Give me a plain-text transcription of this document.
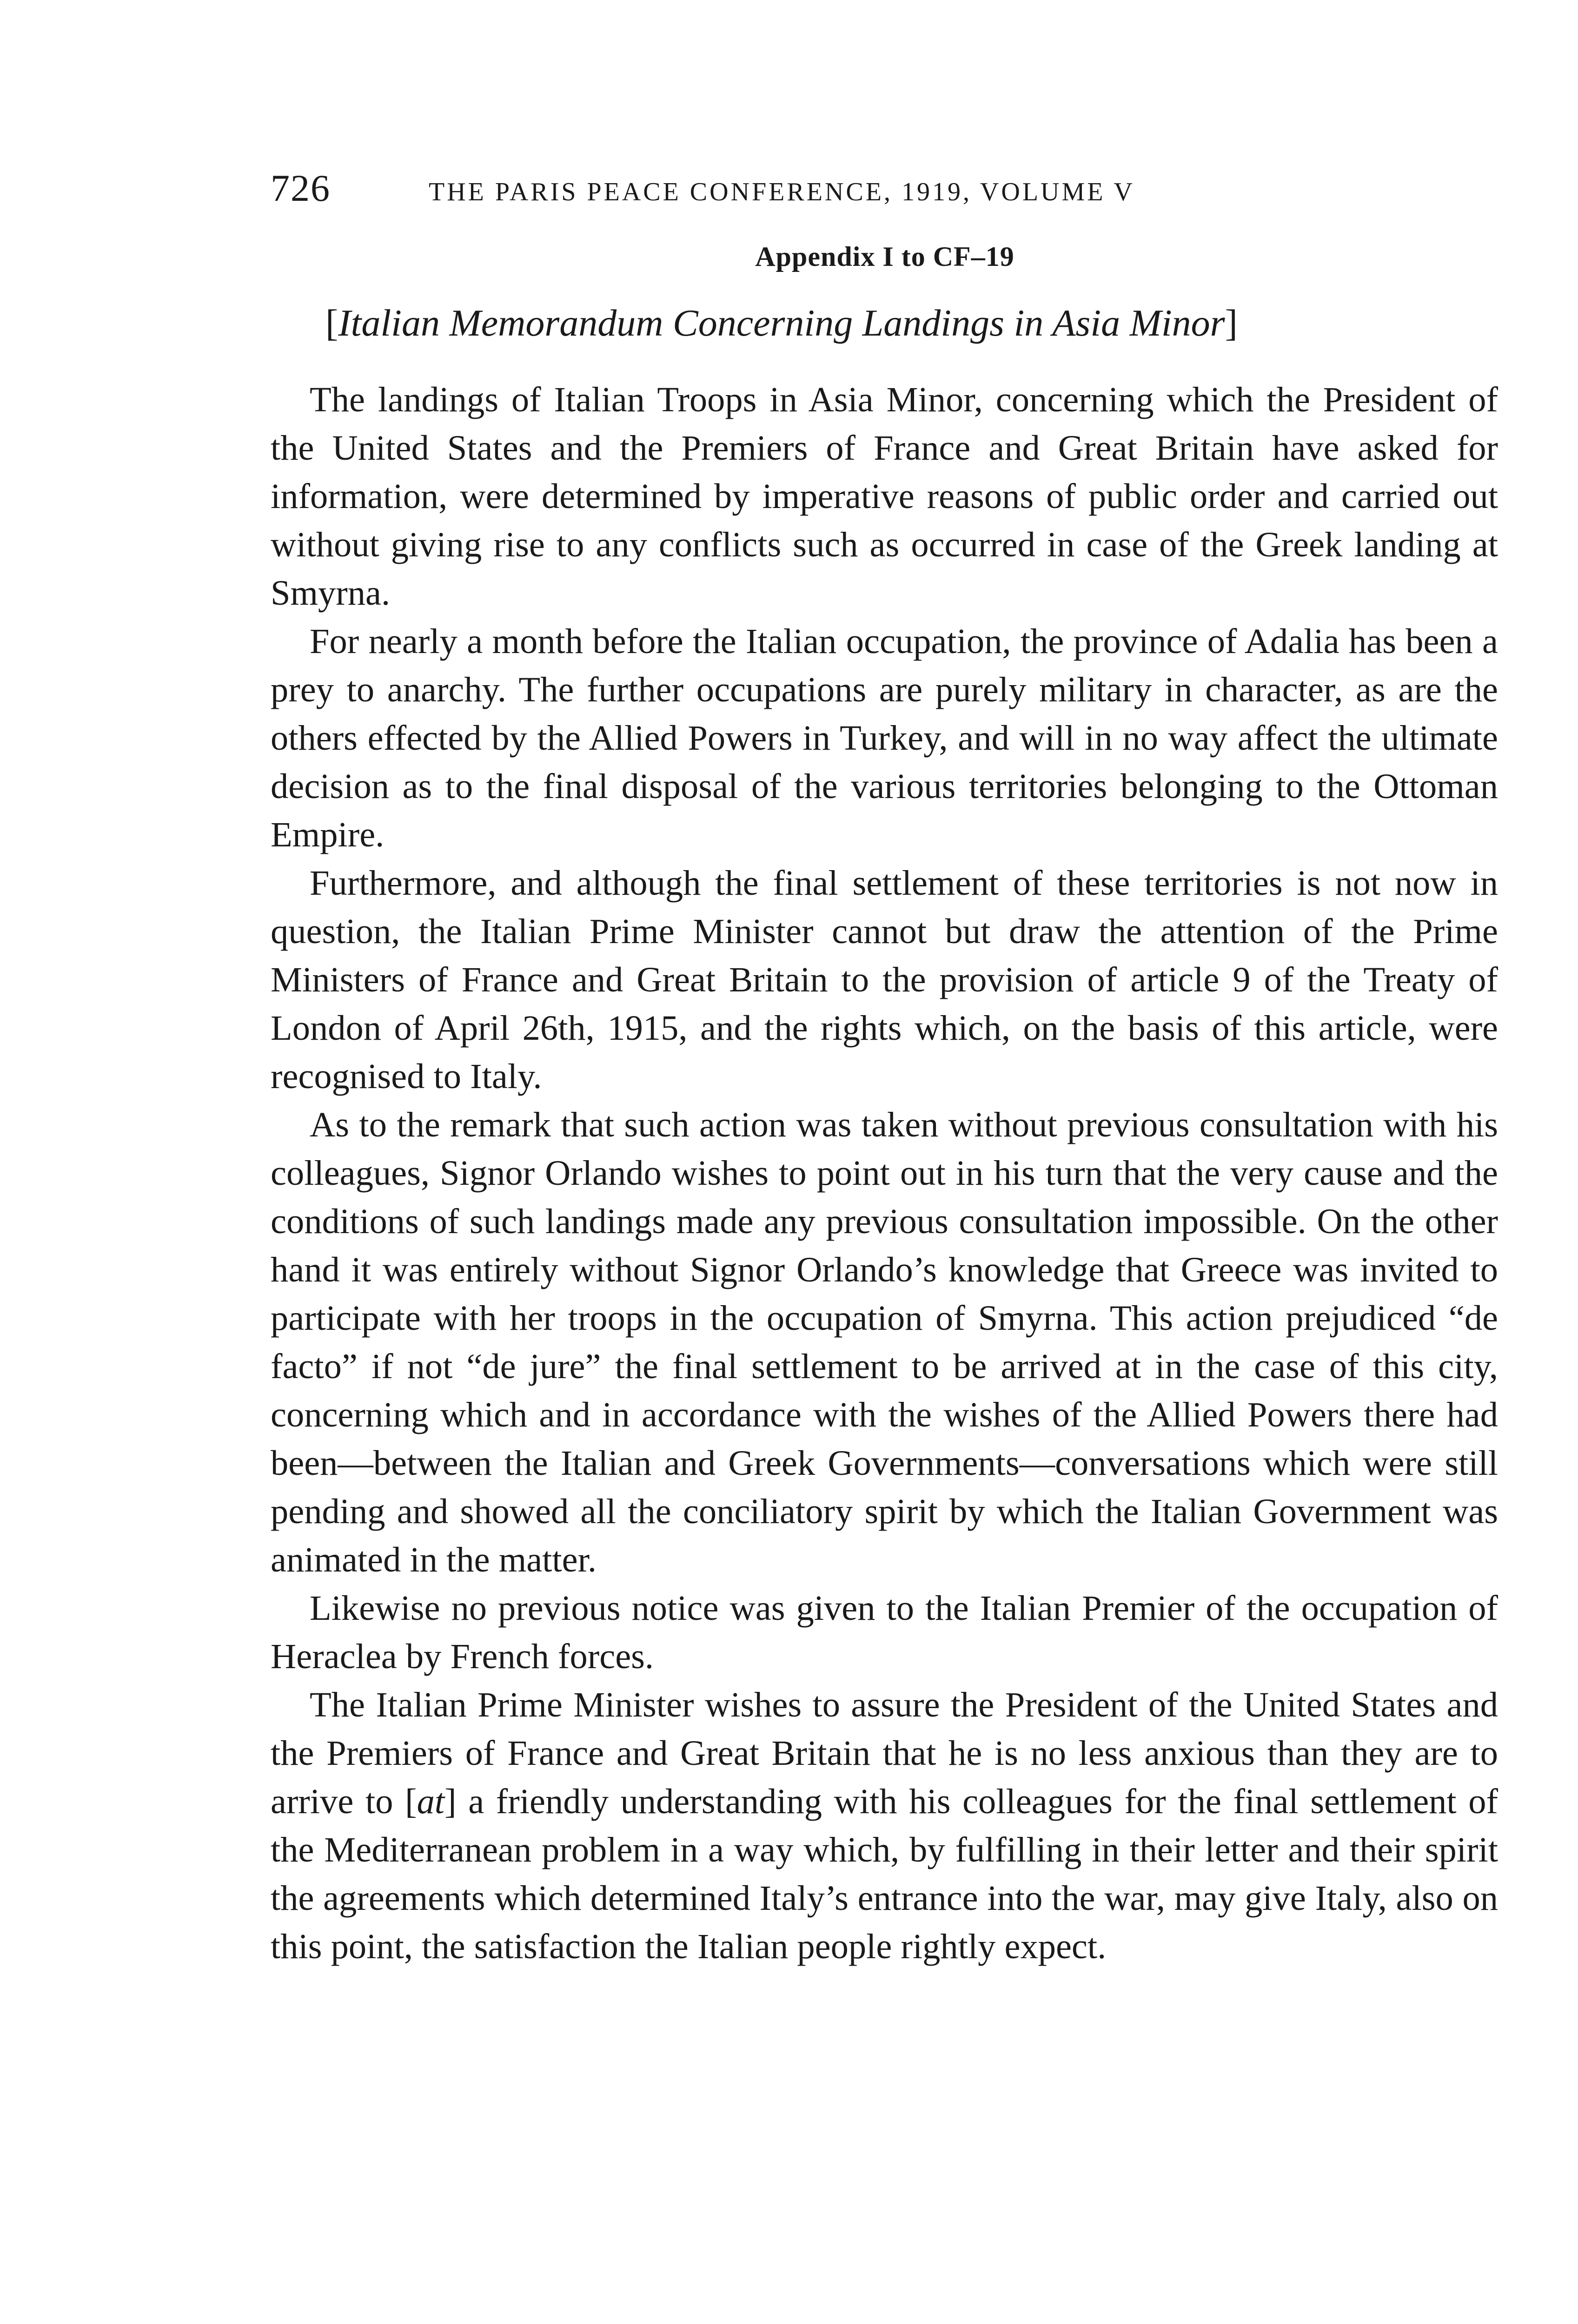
726	THE PARIS PEACE CONFERENCE, 1919, VOLUME V
Appendix I to CF–19
[Italian Memorandum Concerning Landings in Asia Minor]

The landings of Italian Troops in Asia Minor, concerning which the President of the United States and the Premiers of France and Great Britain have asked for information, were determined by imperative reasons of public order and carried out without giving rise to any conflicts such as occurred in case of the Greek landing at Smyrna.

For nearly a month before the Italian occupation, the province of Adalia has been a prey to anarchy. The further occupations are purely military in character, as are the others effected by the Allied Powers in Turkey, and will in no way affect the ultimate decision as to the final disposal of the various territories belonging to the Ottoman Empire.

Furthermore, and although the final settlement of these territories is not now in question, the Italian Prime Minister cannot but draw the attention of the Prime Ministers of France and Great Britain to the provision of article 9 of the Treaty of London of April 26th, 1915, and the rights which, on the basis of this article, were recognised to Italy.

As to the remark that such action was taken without previous consultation with his colleagues, Signor Orlando wishes to point out in his turn that the very cause and the conditions of such landings made any previous consultation impossible. On the other hand it was entirely without Signor Orlando’s knowledge that Greece was invited to participate with her troops in the occupation of Smyrna. This action prejudiced “de facto” if not “de jure” the final settlement to be arrived at in the case of this city, concerning which and in accordance with the wishes of the Allied Powers there had been—between the Italian and Greek Governments—conversations which were still pending and showed all the conciliatory spirit by which the Italian Government was animated in the matter.

Likewise no previous notice was given to the Italian Premier of the occupation of Heraclea by French forces.

The Italian Prime Minister wishes to assure the President of the United States and the Premiers of France and Great Britain that he is no less anxious than they are to arrive to [at] a friendly understanding with his colleagues for the final settlement of the Mediterranean problem in a way which, by fulfilling in their letter and their spirit the agreements which determined Italy’s entrance into the war, may give Italy, also on this point, the satisfaction the Italian people rightly expect.
